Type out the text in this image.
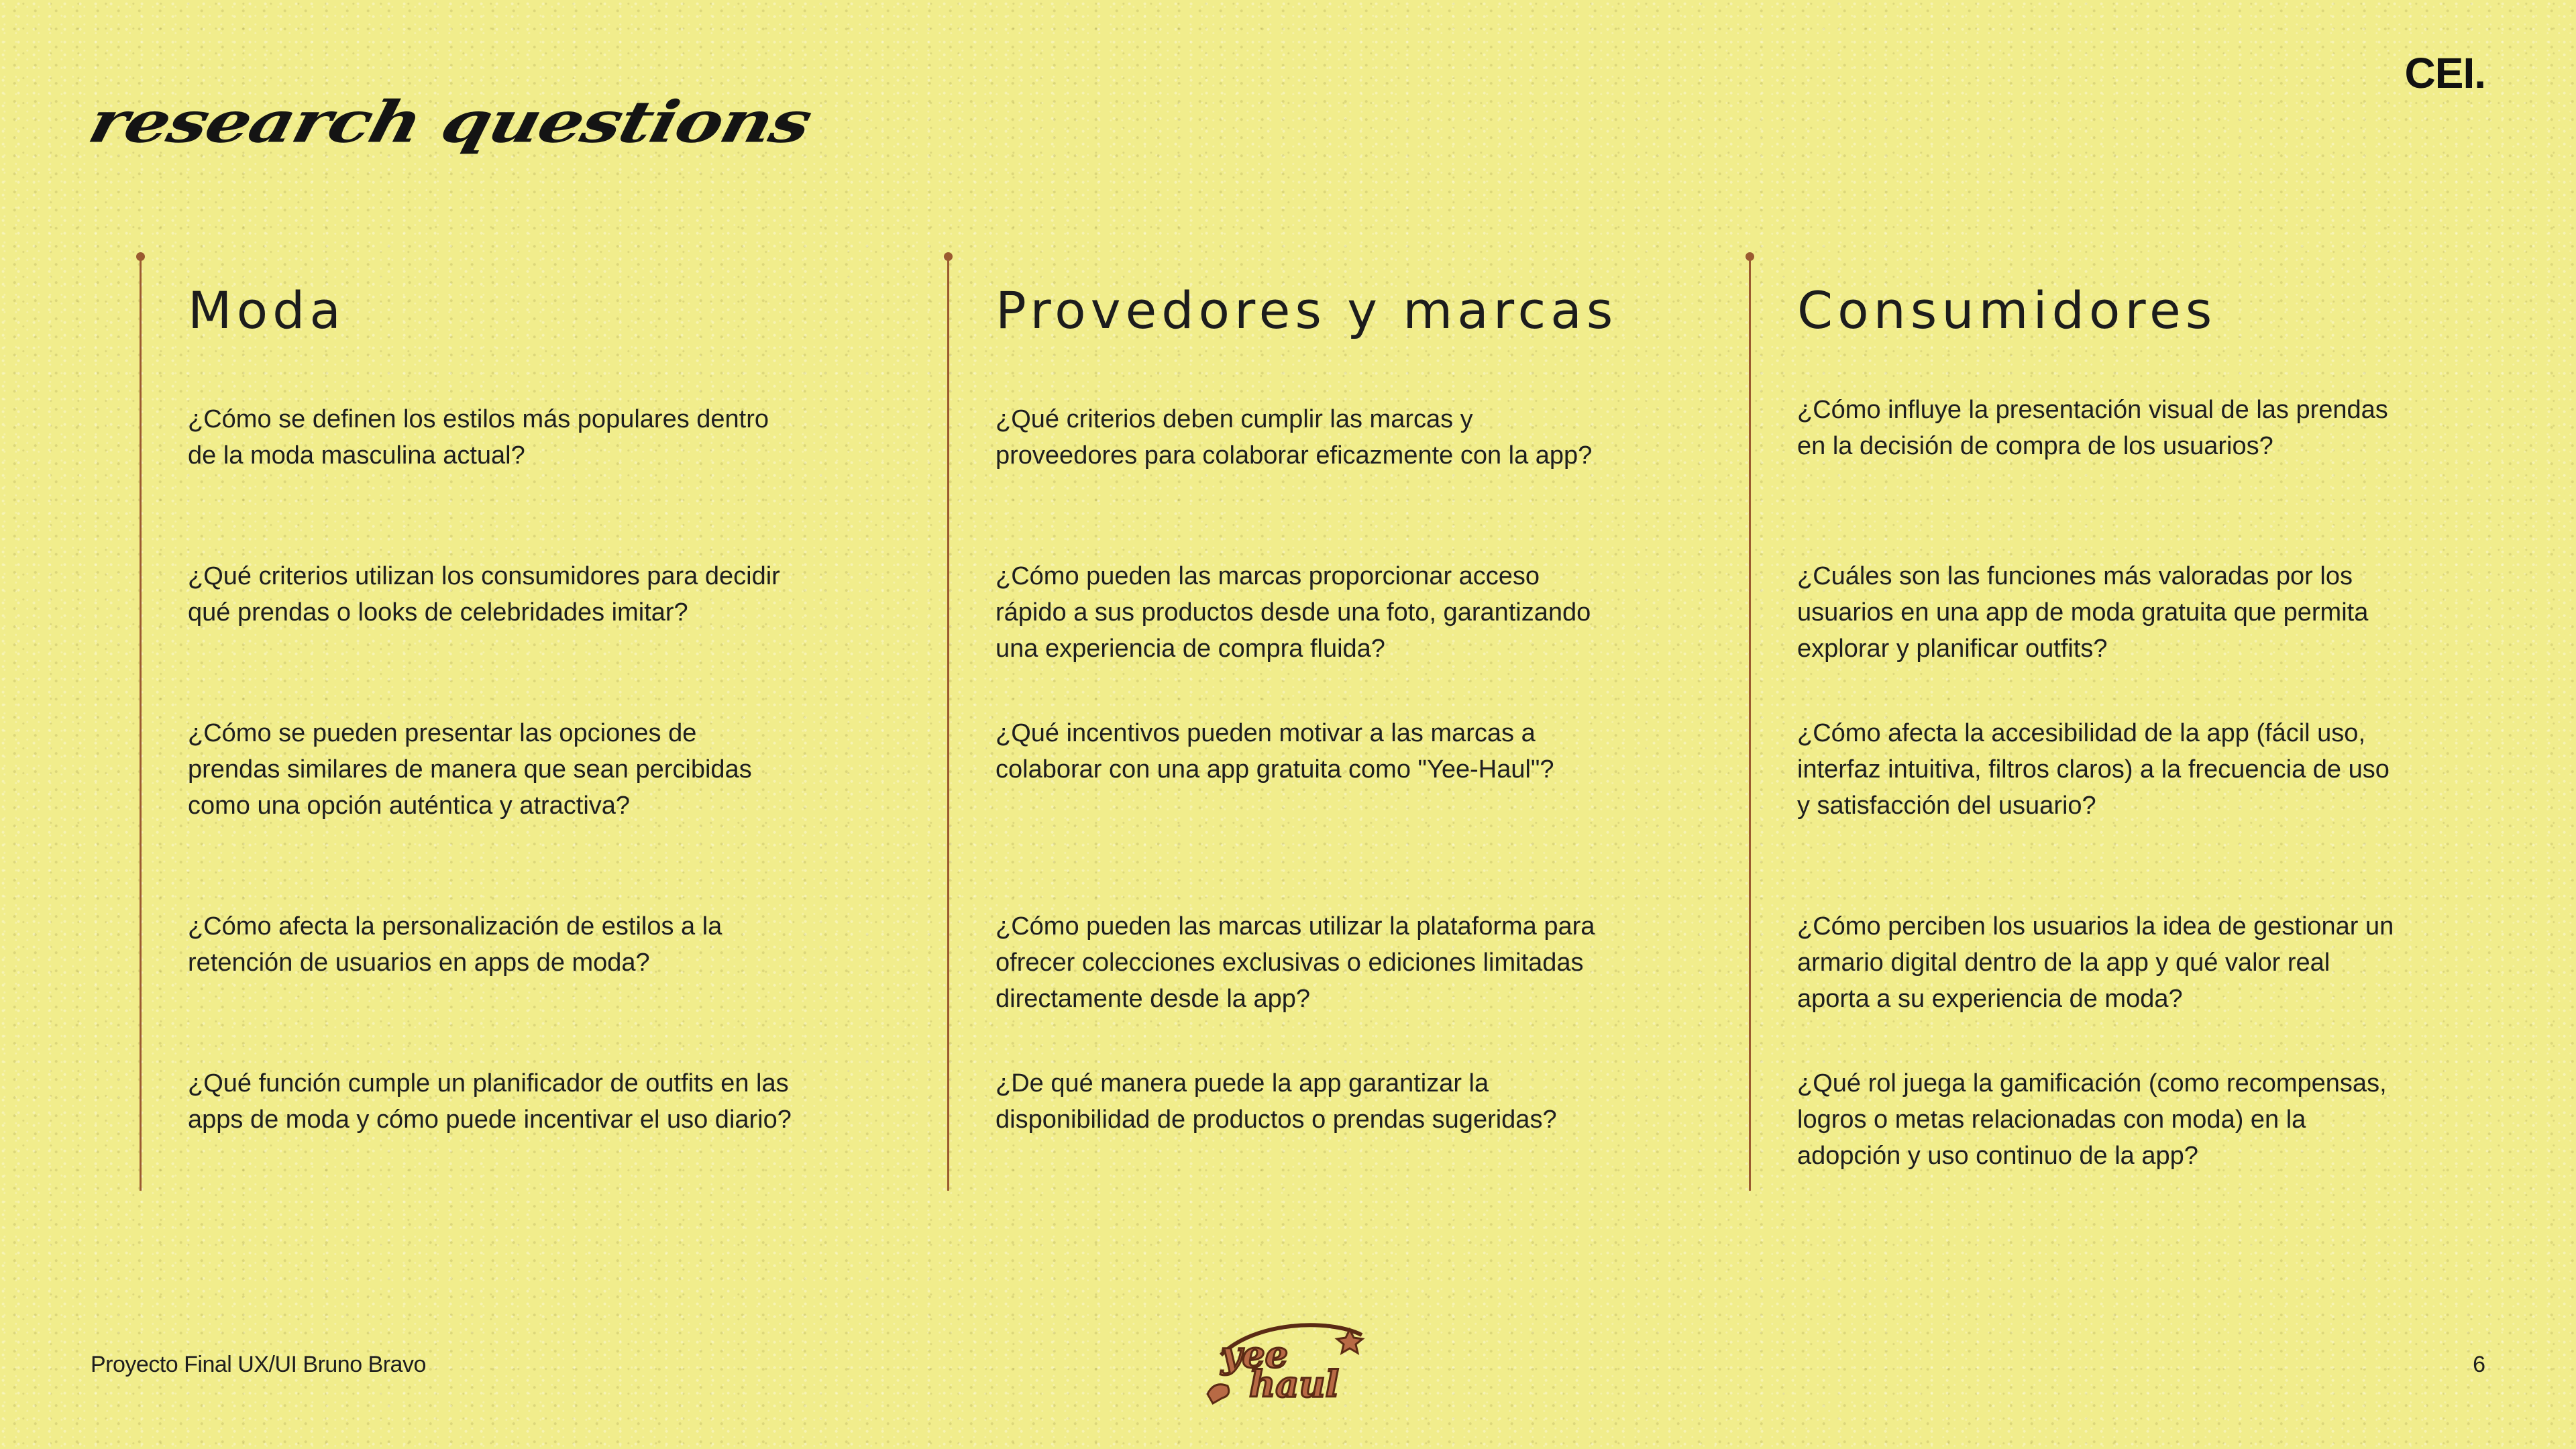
research questions
CEI.
Moda

¿Cómo se definen los estilos más populares dentro de la moda masculina actual?

¿Qué criterios utilizan los consumidores para decidir qué prendas o looks de celebridades imitar?

¿Cómo se pueden presentar las opciones de prendas similares de manera que sean percibidas como una opción auténtica y atractiva?

¿Cómo afecta la personalización de estilos a la retención de usuarios en apps de moda?

¿Qué función cumple un planificador de outfits en las apps de moda y cómo puede incentivar el uso diario?

Provedores y marcas

¿Qué criterios deben cumplir las marcas y proveedores para colaborar eficazmente con la app?

¿Cómo pueden las marcas proporcionar acceso rápido a sus productos desde una foto, garantizando una experiencia de compra fluida?

¿Qué incentivos pueden motivar a las marcas a colaborar con una app gratuita como "Yee-Haul"?

¿Cómo pueden las marcas utilizar la plataforma para ofrecer colecciones exclusivas o ediciones limitadas directamente desde la app?

¿De qué manera puede la app garantizar la disponibilidad de productos o prendas sugeridas?

Consumidores

¿Cómo influye la presentación visual de las prendas en la decisión de compra de los usuarios?

¿Cuáles son las funciones más valoradas por los usuarios en una app de moda gratuita que permita explorar y planificar outfits?

¿Cómo afecta la accesibilidad de la app (fácil uso, interfaz intuitiva, filtros claros) a la frecuencia de uso y satisfacción del usuario?

¿Cómo perciben los usuarios la idea de gestionar un armario digital dentro de la app y qué valor real aporta a su experiencia de moda?

¿Qué rol juega la gamificación (como recompensas, logros o metas relacionadas con moda) en la adopción y uso continuo de la app?

Proyecto Final UX/UI Bruno Bravo	yee
haul	6
